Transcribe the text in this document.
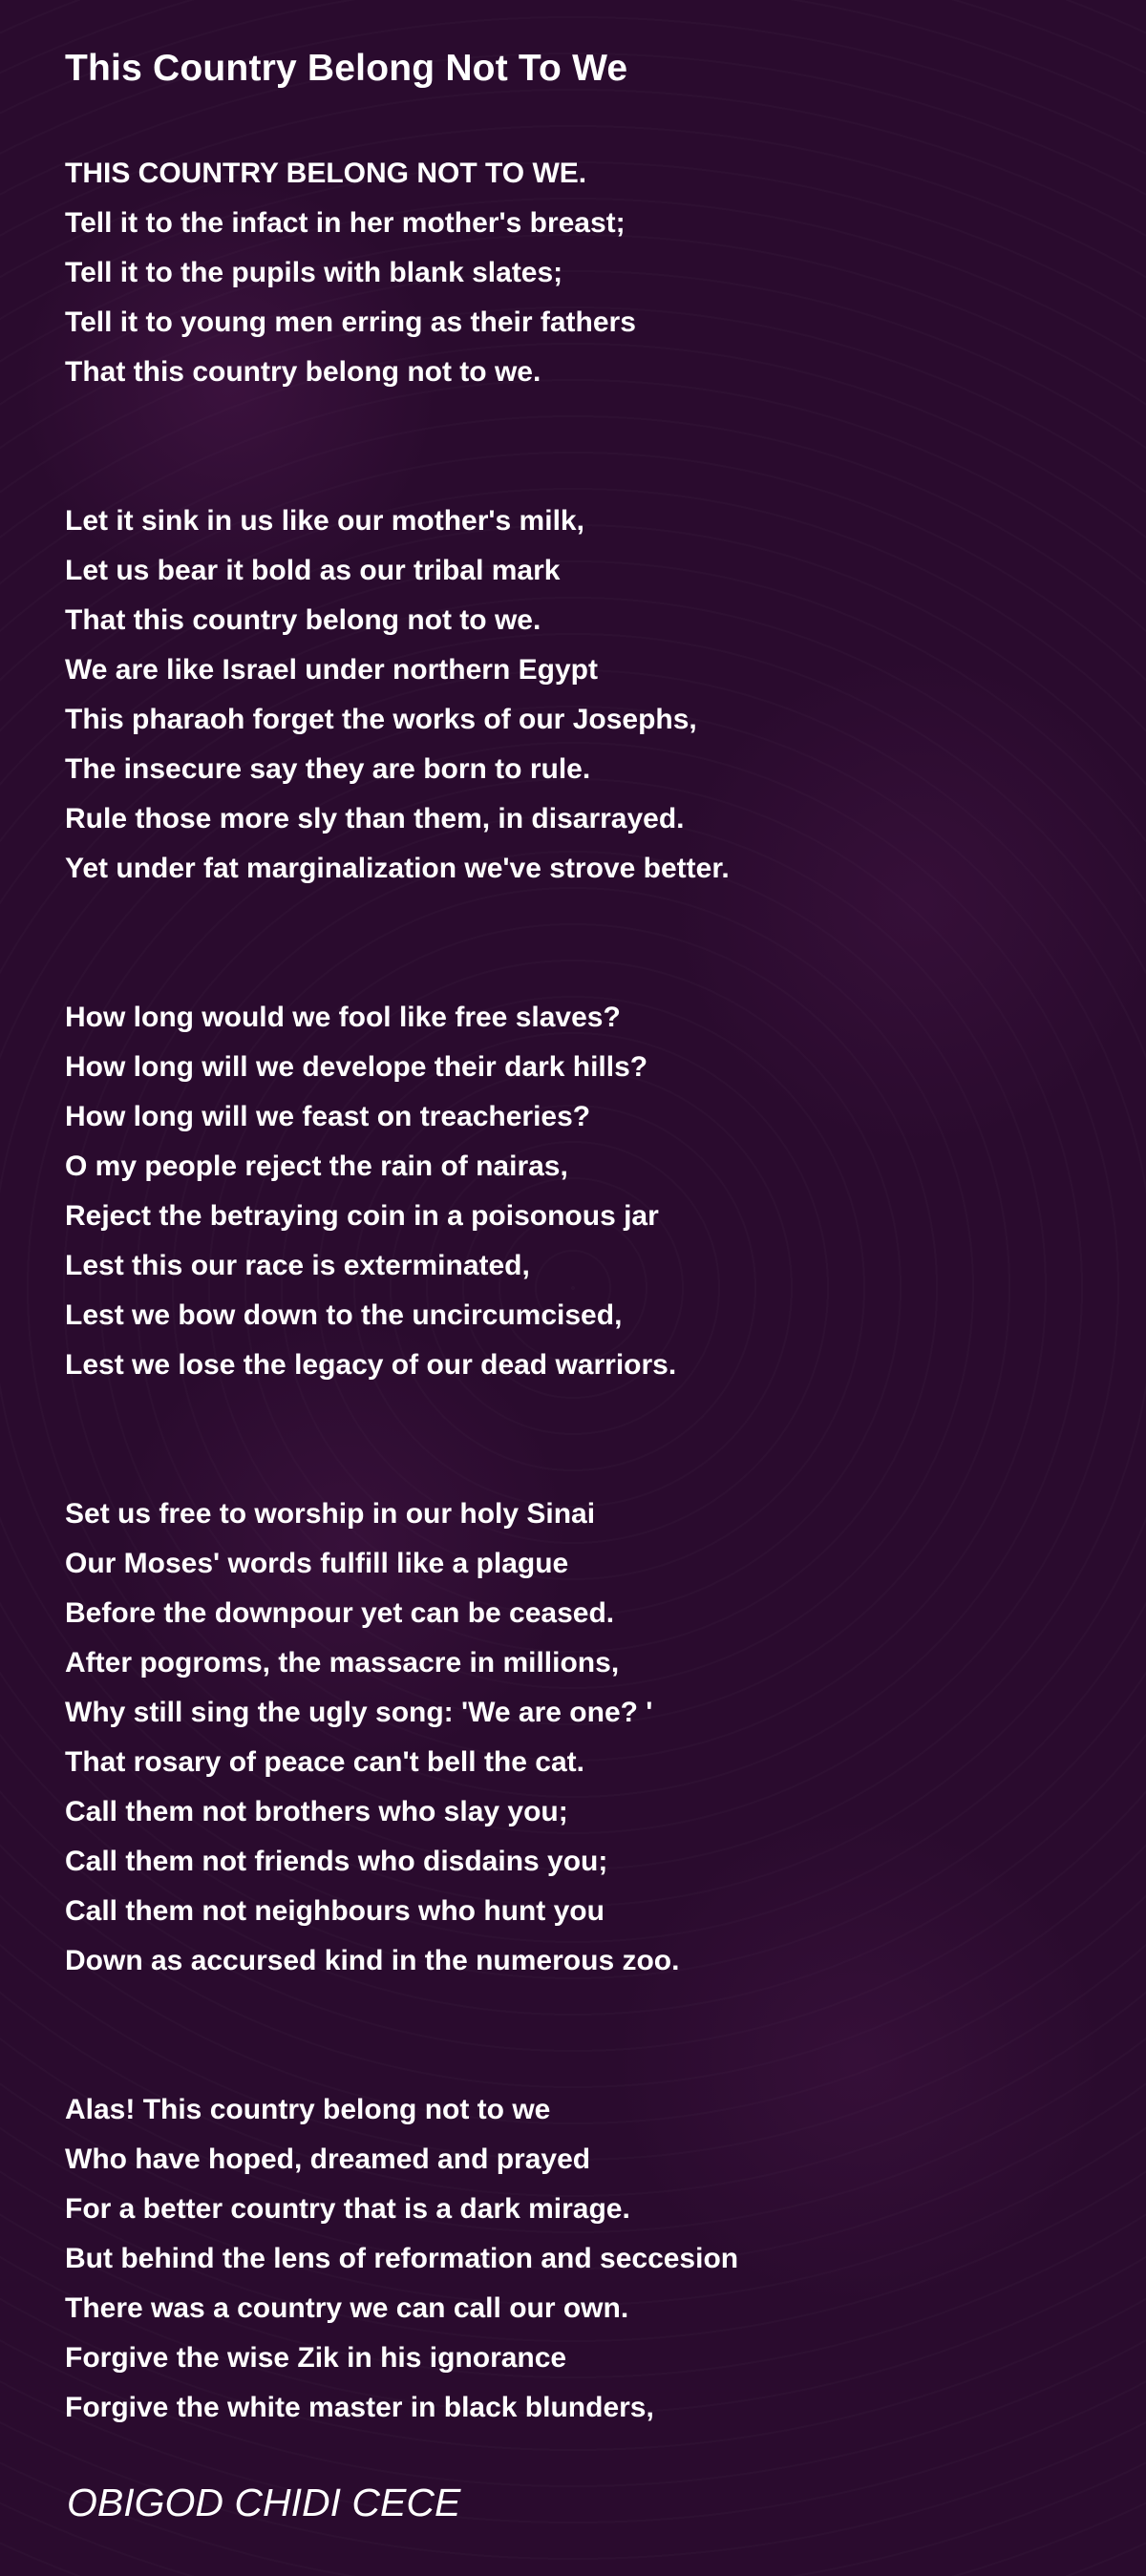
This Country Belong Not To We
THIS COUNTRY BELONG NOT TO WE.
Tell it to the infact in her mother's breast;
Tell it to the pupils with blank slates;
Tell it to young men erring as their fathers
That this country belong not to we.
Let it sink in us like our mother's milk,
Let us bear it bold as our tribal mark
That this country belong not to we.
We are like Israel under northern Egypt
This pharaoh forget the works of our Josephs,
The insecure say they are born to rule.
Rule those more sly than them, in disarrayed.
Yet under fat marginalization we've strove better.
How long would we fool like free slaves?
How long will we develope their dark hills?
How long will we feast on treacheries?
O my people reject the rain of nairas,
Reject the betraying coin in a poisonous jar
Lest this our race is exterminated,
Lest we bow down to the uncircumcised,
Lest we lose the legacy of our dead warriors.
Set us free to worship in our holy Sinai
Our Moses' words fulfill like a plague
Before the downpour yet can be ceased.
After pogroms, the massacre in millions,
Why still sing the ugly song: 'We are one? '
That rosary of peace can't bell the cat.
Call them not brothers who slay you;
Call them not friends who disdains you;
Call them not neighbours who hunt you
Down as accursed kind in the numerous zoo.
Alas! This country belong not to we
Who have hoped, dreamed and prayed
For a better country that is a dark mirage.
But behind the lens of reformation and seccesion
There was a country we can call our own.
Forgive the wise Zik in his ignorance
Forgive the white master in black blunders,

OBIGOD CHIDI CECE
